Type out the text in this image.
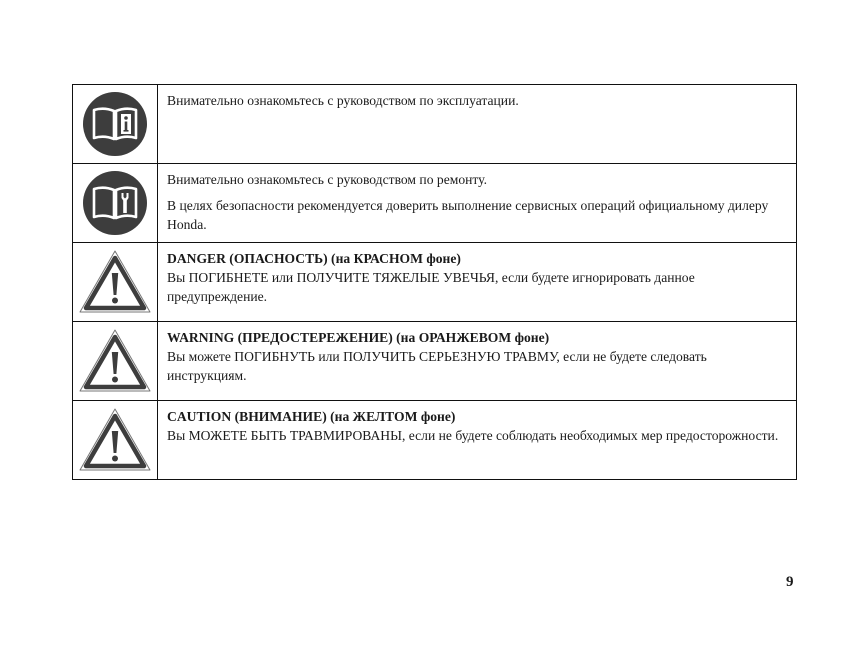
Внимательно ознакомьтесь с руководством по эксплуатации.

Внимательно ознакомьтесь с руководством по ремонту.

В целях безопасности рекомендуется доверить выполнение сервисных операций официальному дилеру Honda.

DANGER (ОПАСНОСТЬ) (на КРАСНОМ фоне)

Вы ПОГИБНЕТЕ или ПОЛУЧИТЕ ТЯЖЕЛЫЕ УВЕЧЬЯ, если будете игнорировать данное предупреждение.

WARNING (ПРЕДОСТЕРЕЖЕНИЕ) (на ОРАНЖЕВОМ фоне)

Вы можете ПОГИБНУТЬ или ПОЛУЧИТЬ СЕРЬЕЗНУЮ ТРАВМУ, если не будете следовать инструкциям.

CAUTION (ВНИМАНИЕ) (на ЖЕЛТОМ фоне)

Вы МОЖЕТЕ БЫТЬ ТРАВМИРОВАНЫ, если не будете соблюдать необходимых мер предосторожности.

9
